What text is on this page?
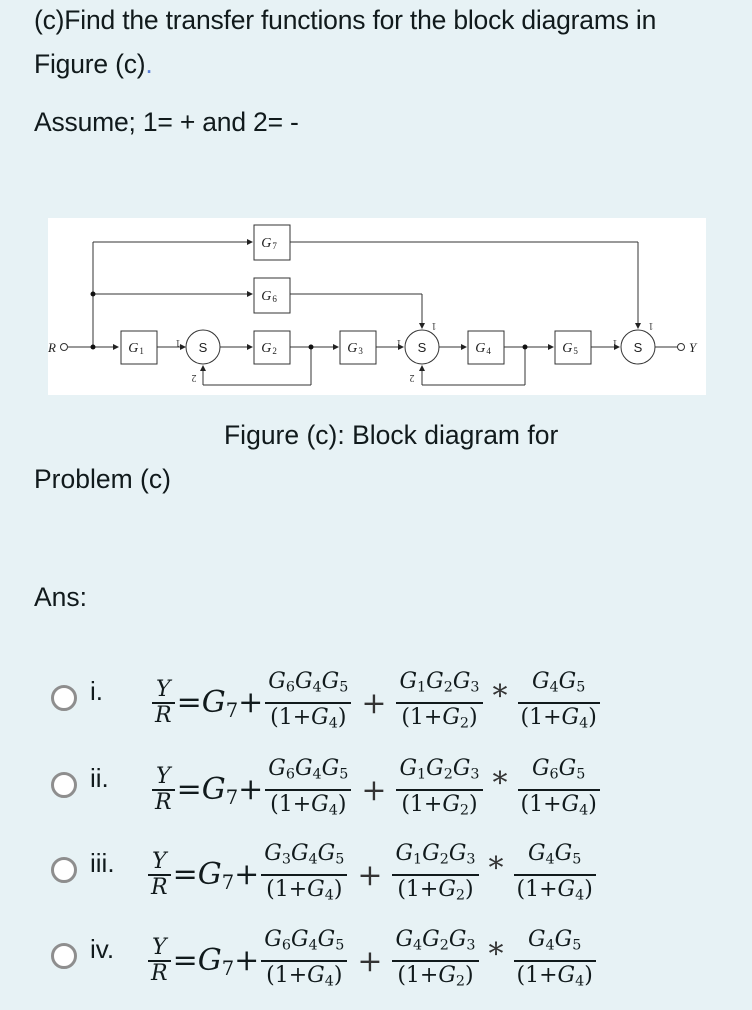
(c)Find the transfer functions for the block diagrams in Figure (c).
Assume; 1= + and 2= -
R	Y
G1	G2	G3	G4	G5
G6
G7
S	S	S
1
2
1
1
2
1
1
Figure (c): Block diagram for
Problem (c)
Ans:
i. $\frac{Y}{R} =G_7+ \frac{G_6G_4G_5}{(1+G_4)} + \frac{G_1G_2G_3}{(1+G_2)} * \frac{G_4G_5}{(1+G_4)}$
ii. $\frac{Y}{R} =G_7+ \frac{G_6G_4G_5}{(1+G_4)} + \frac{G_1G_2G_3}{(1+G_2)} * \frac{G_6G_5}{(1+G_4)}$
iii. $\frac{Y}{R} =G_7+ \frac{G_3G_4G_5}{(1+G_4)} + \frac{G_1G_2G_3}{(1+G_2)} * \frac{G_4G_5}{(1+G_4)}$
iv. $\frac{Y}{R} =G_7+ \frac{G_6G_4G_5}{(1+G_4)} + \frac{G_4G_2G_3}{(1+G_2)} * \frac{G_4G_5}{(1+G_4)}$
